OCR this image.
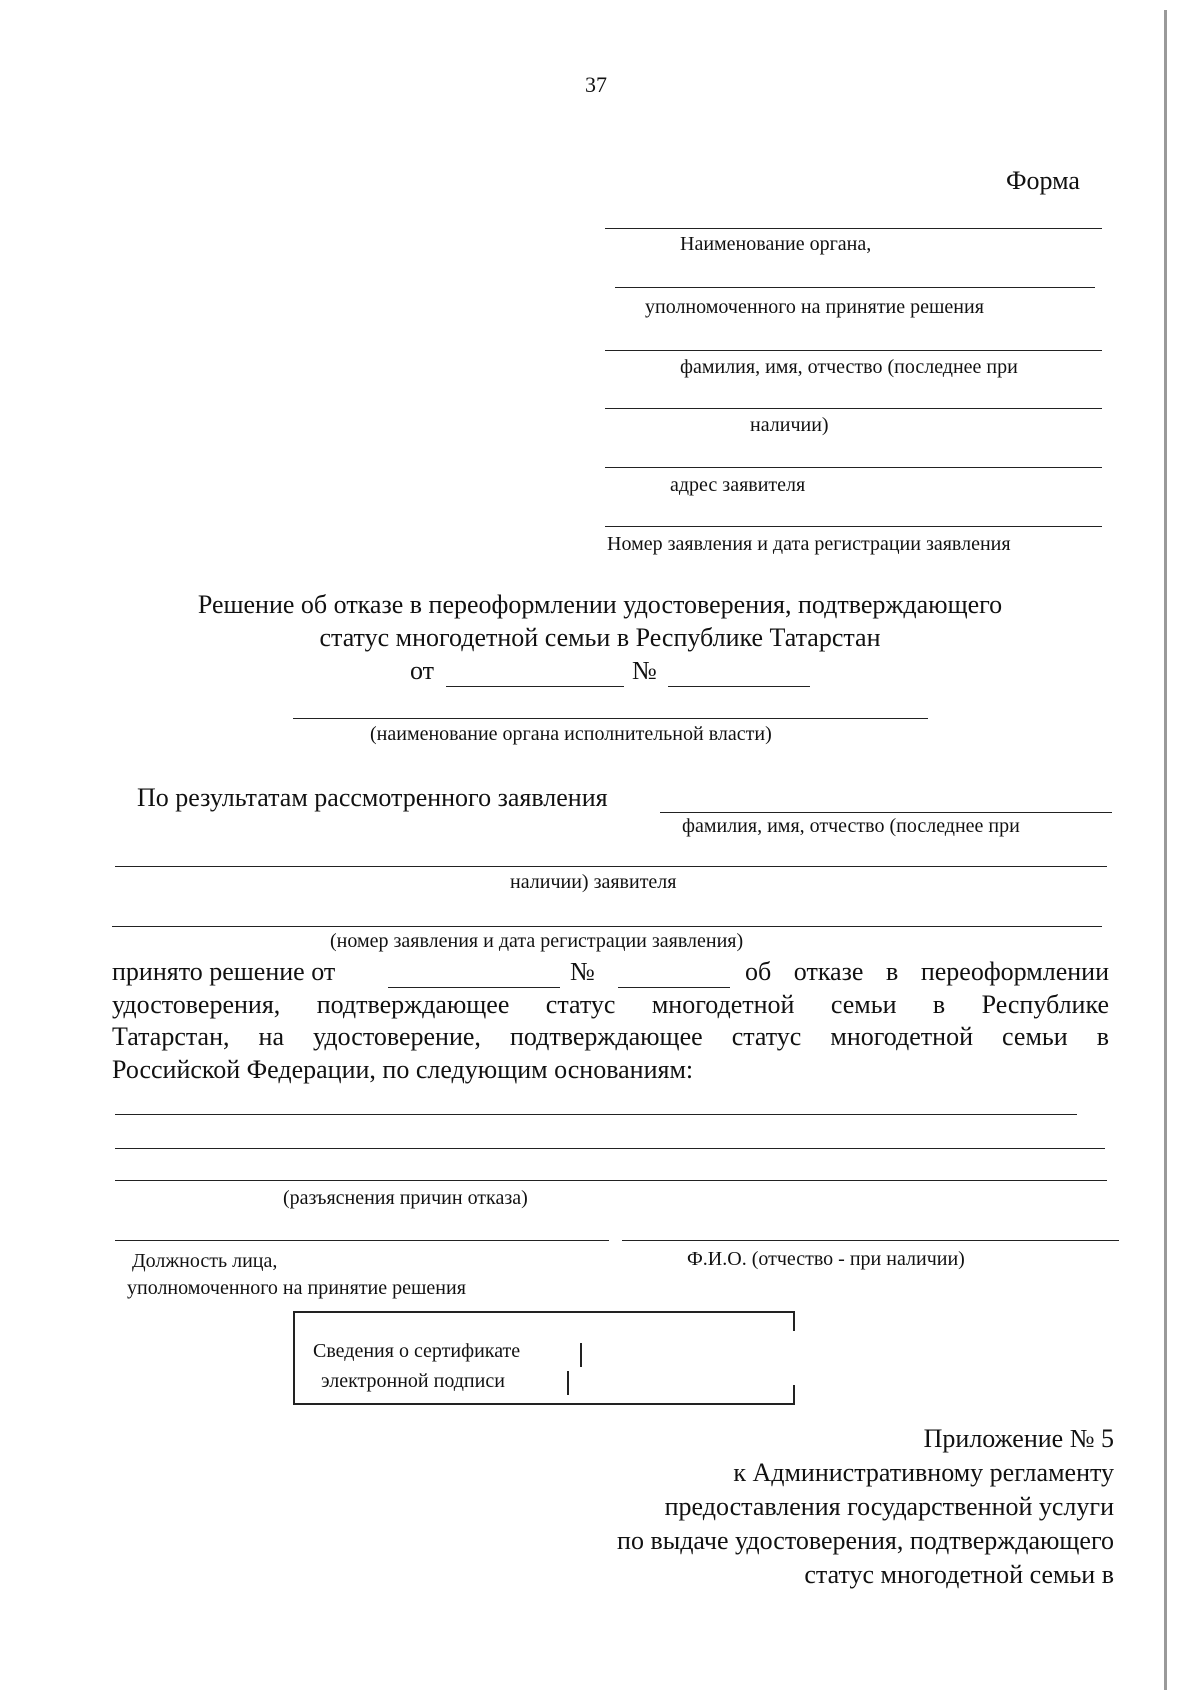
37
Форма
Наименование органа,
уполномоченного на принятие решения
фамилия, имя, отчество (последнее при
наличии)
адрес заявителя
Номер заявления и дата регистрации заявления
Решение об отказе в переоформлении удостоверения, подтверждающего
статус многодетной семьи в Республике Татарстан
от	№
(наименование органа исполнительной власти)
По результатам рассмотренного заявления
фамилия, имя, отчество (последнее при
наличии) заявителя
(номер заявления и дата регистрации заявления)
принято решение от	№	об отказе в переоформлении
удостоверения, подтверждающее статус многодетной семьи в Республике
Татарстан, на удостоверение, подтверждающее статус многодетной семьи в
Российской Федерации, по следующим основаниям:
(разъяснения причин отказа)
Должность лица,
уполномоченного на принятие решения
Ф.И.О. (отчество - при наличии)
Сведения о сертификате
электронной подписи
Приложение № 5
к Административному регламенту
предоставления государственной услуги
по выдаче удостоверения, подтверждающего
статус многодетной семьи в
